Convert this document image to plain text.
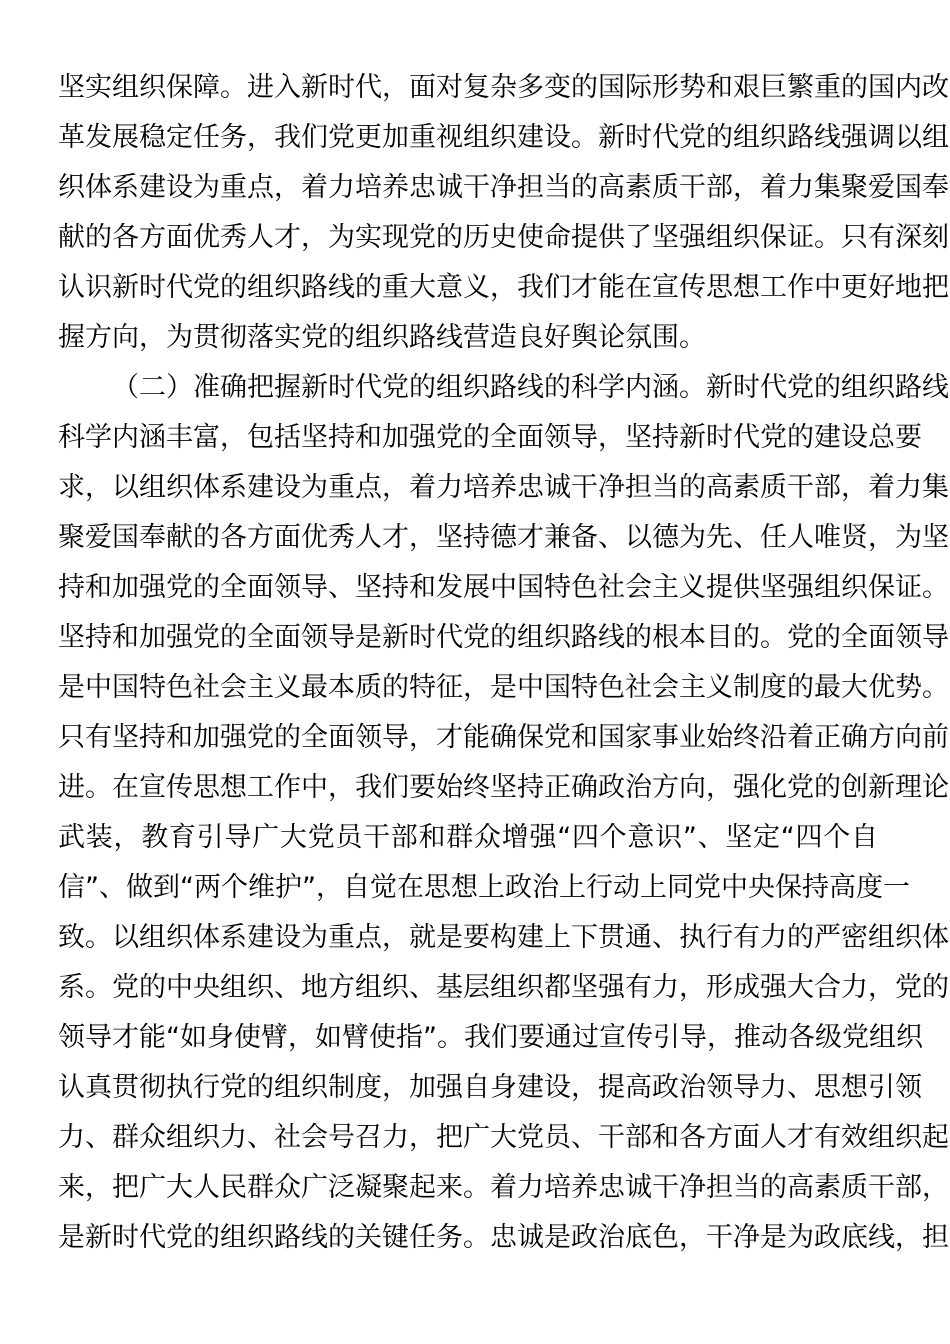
坚实组织保障。进入新时代，面对复杂多变的国际形势和艰巨繁重的国内改
革发展稳定任务，我们党更加重视组织建设。新时代党的组织路线强调以组
织体系建设为重点，着力培养忠诚干净担当的高素质干部，着力集聚爱国奉
献的各方面优秀人才，为实现党的历史使命提供了坚强组织保证。只有深刻
认识新时代党的组织路线的重大意义，我们才能在宣传思想工作中更好地把
握方向，为贯彻落实党的组织路线营造良好舆论氛围。
（二）准确把握新时代党的组织路线的科学内涵。新时代党的组织路线
科学内涵丰富，包括坚持和加强党的全面领导，坚持新时代党的建设总要
求，以组织体系建设为重点，着力培养忠诚干净担当的高素质干部，着力集
聚爱国奉献的各方面优秀人才，坚持德才兼备、以德为先、任人唯贤，为坚
持和加强党的全面领导、坚持和发展中国特色社会主义提供坚强组织保证。
坚持和加强党的全面领导是新时代党的组织路线的根本目的。党的全面领导
是中国特色社会主义最本质的特征，是中国特色社会主义制度的最大优势。
只有坚持和加强党的全面领导，才能确保党和国家事业始终沿着正确方向前
进。在宣传思想工作中，我们要始终坚持正确政治方向，强化党的创新理论
武装，教育引导广大党员干部和群众增强“四个意识”、坚定“四个自
信”、做到“两个维护”，自觉在思想上政治上行动上同党中央保持高度一
致。以组织体系建设为重点，就是要构建上下贯通、执行有力的严密组织体
系。党的中央组织、地方组织、基层组织都坚强有力，形成强大合力，党的
领导才能“如身使臂，如臂使指”。我们要通过宣传引导，推动各级党组织
认真贯彻执行党的组织制度，加强自身建设，提高政治领导力、思想引领
力、群众组织力、社会号召力，把广大党员、干部和各方面人才有效组织起
来，把广大人民群众广泛凝聚起来。着力培养忠诚干净担当的高素质干部，
是新时代党的组织路线的关键任务。忠诚是政治底色，干净是为政底线，担
